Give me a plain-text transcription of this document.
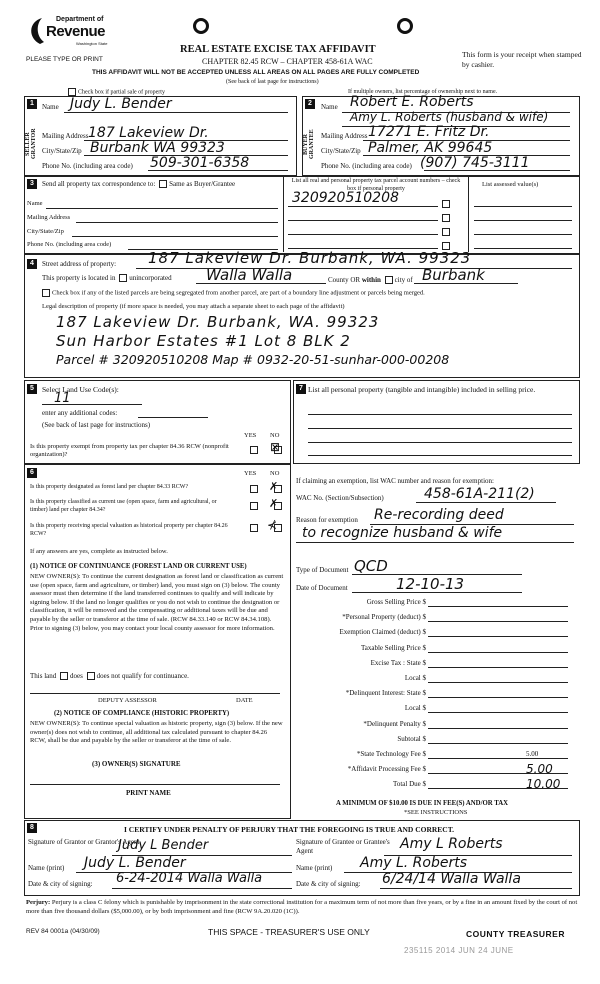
Department of
Revenue
Washington State
PLEASE TYPE OR PRINT
REAL ESTATE EXCISE TAX AFFIDAVIT
CHAPTER 82.45 RCW – CHAPTER 458-61A WAC
This form is your receipt when stamped by cashier.
THIS AFFIDAVIT WILL NOT BE ACCEPTED UNLESS ALL AREAS ON ALL PAGES ARE FULLY COMPLETED
(See back of last page for instructions)
Check box if partial sale of property	If multiple owners, list percentage of ownership next to name.
1
SELLER GRANTOR
Name Judy L. Bender
Mailing Address 187 Lakeview Dr.
City/State/Zip Burbank WA 99323
Phone No. (including area code) 509-301-6358
2
BUYER GRANTEE
Name Robert E. Roberts
Amy L. Roberts (husband & wife)
Mailing Address 17271 E. Fritz Dr.
City/State/Zip Palmer, AK 99645
Phone No. (including area code) (907) 745-3111
3	Send all property tax correspondence to: Same as Buyer/Grantee
Name
Mailing Address
City/State/Zip
Phone No. (including area code)
List all real and personal property tax parcel account numbers – check box if personal property
List assessed value(s)
320920510208
4	Street address of property: 187 Lakeview Dr. Burbank, WA. 99323
This property is located in unincorporated Walla Walla	County OR within city of Burbank
Check box if any of the listed parcels are being segregated from another parcel, are part of a boundary line adjustment or parcels being merged.
Legal description of property (if more space is needed, you may attach a separate sheet to each page of the affidavit)
187 Lakeview Dr. Burbank, WA. 99323
Sun Harbor Estates #1 Lot 8 BLK 2
Parcel # 320920510208 Map # 0932-20-51-sunhar-000-00208
5	Select Land Use Code(s):
11
enter any additional codes:
(See back of last page for instructions)
YES NO
Is this property exempt from property tax per chapter 84.36 RCW (nonprofit organization)?
⊠
7 List all personal property (tangible and intangible) included in selling price.
6	YES NO
Is this property designated as forest land per chapter 84.33 RCW?	✗
Is this property classified as current use (open space, farm and agricultural, or timber) land per chapter 84.34?	✗
Is this property receiving special valuation as historical property per chapter 84.26 RCW?
⊀
If any answers are yes, complete as instructed below.
(1) NOTICE OF CONTINUANCE (FOREST LAND OR CURRENT USE)
NEW OWNER(S): To continue the current designation as forest land or classification as current use (open space, farm and agriculture, or timber) land, you must sign on (3) below. The county assessor must then determine if the land transferred continues to qualify and will indicate by signing below. If the land no longer qualifies or you do not wish to continue the designation or classification, it will be removed and the compensating or additional taxes will be due and payable by the seller or transferor at the time of sale. (RCW 84.33.140 or RCW 84.34.108). Prior to signing (3) below, you may contact your local county assessor for more information.
This land does does not qualify for continuance.
DEPUTY ASSESSOR	DATE
(2) NOTICE OF COMPLIANCE (HISTORIC PROPERTY)
NEW OWNER(S): To continue special valuation as historic property, sign (3) below. If the new owner(s) does not wish to continue, all additional tax calculated pursuant to chapter 84.26 RCW, shall be due and payable by the seller or transferor at the time of sale.
(3) OWNER(S) SIGNATURE
PRINT NAME
If claiming an exemption, list WAC number and reason for exemption:
WAC No. (Section/Subsection)	458-61A-211(2)
Reason for exemption Re-recording deed
to recognize husband & wife
Type of Document QCD
Date of Document	12-10-13
Gross Selling Price $
*Personal Property (deduct) $
Exemption Claimed (deduct) $
Taxable Selling Price $
Excise Tax : State $
Local $
*Delinquent Interest: State $
Local $
*Delinquent Penalty $
Subtotal $
*State Technology Fee $	5.00
*Affidavit Processing Fee $	5.00
Total Due $	10.00
A MINIMUM OF $10.00 IS DUE IN FEE(S) AND/OR TAX
*SEE INSTRUCTIONS
8	I CERTIFY UNDER PENALTY OF PERJURY THAT THE FOREGOING IS TRUE AND CORRECT.
Signature of Grantor or Grantor's Agent
Judy L Bender
Name (print) Judy L. Bender
Date & city of signing: 6-24-2014 Walla Walla
Signature of Grantee or Grantee's Agent	Amy L Roberts
Name (print) Amy L. Roberts
Date & city of signing: 6/24/14 Walla Walla
Perjury: Perjury is a class C felony which is punishable by imprisonment in the state correctional institution for a maximum term of not more than five years, or by a fine in an amount fixed by the court of not more than five thousand dollars ($5,000.00), or by both imprisonment and fine (RCW 9A.20.020 (1C)).
REV 84 0001a (04/30/09)	THIS SPACE - TREASURER'S USE ONLY	COUNTY TREASURER
235115 2014 JUN 24 JUNE
